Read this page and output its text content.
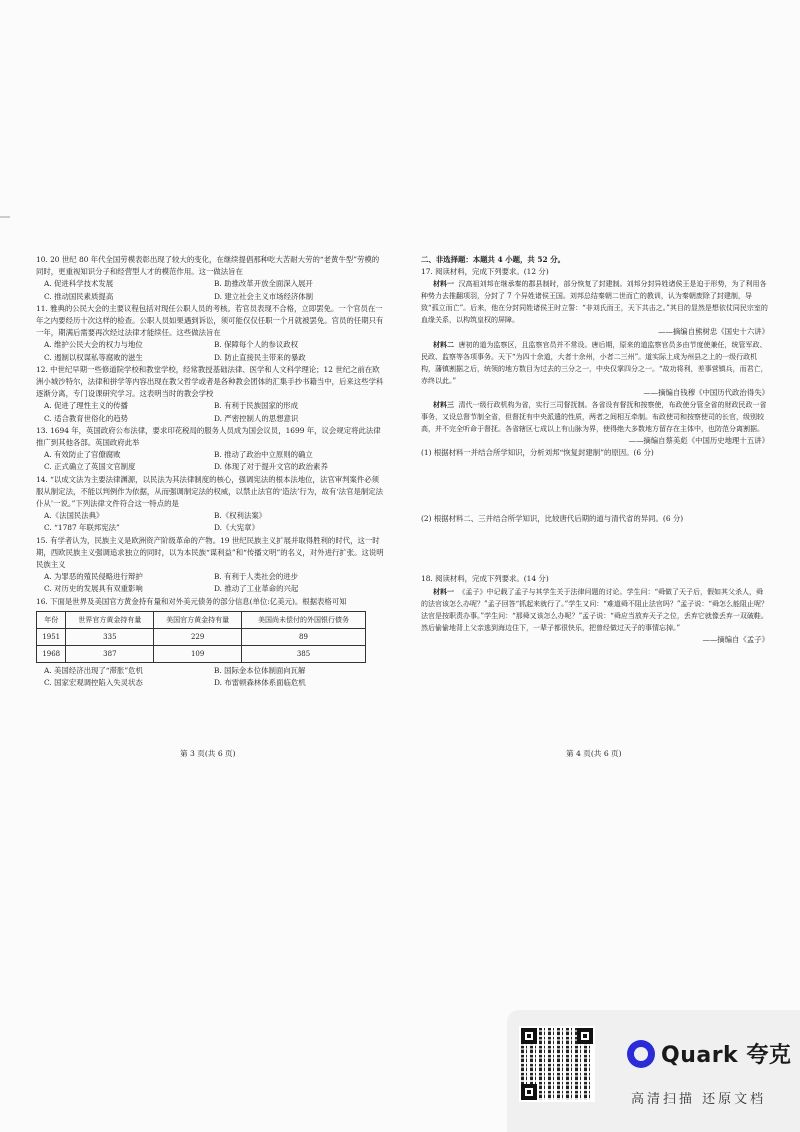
10. 20 世纪 80 年代全国劳模表彰出现了较大的变化，在继续提倡那种吃大苦耐大劳的“老黄牛型”劳模的同时，更重视知识分子和经营型人才的模范作用。这一做法旨在

A. 促进科学技术发展	B. 助推改革开放全面深入展开
C. 推动国民素质提高	D. 建立社会主义市场经济体制

11. 雅典的公民大会的主要议程包括对现任公职人员的考核。若官员表现不合格，立即罢免。一个官员在一年之内要经历十次这样的检查。公职人员如果遇到诉讼，须可能仅仅任职一个月就被罢免。官员的任期只有一年，期满后需要再次经过法律才能续任。这些做法旨在

A. 维护公民大会的权力与地位	B. 保障每个人的参议政权
C. 遏制以权谋私等腐败的滋生	D. 防止直接民主带来的暴政

12. 中世纪早期一些修道院学校和教堂学校，经常教授基础法律、医学和人文科学理论；12 世纪之前在欧洲小城沙特尔，法律和拼学等内容出现在教父哲学或者是各种教会团体的汇集手抄书籍当中，后来这些学科逐渐分离，专门设课研究学习。这表明当时的教会学校

A. 促进了理性主义的传播	B. 有利于民族国家的形成
C. 适合教育世俗化的趋势	D. 严密控制人的思想意识

13. 1694 年，英国政府公布法律，要求印花税局的服务人员成为国会议员，1699 年，议会规定将此法律推广到其他各部。英国政府此举

A. 有效防止了官僚腐败	B. 推动了政治中立原则的确立
C. 正式确立了英国文官制度	D. 体现了对于提升文官的政治素养

14. “以成文法为主要法律渊源，以民法为其法律制度的核心，强调宪法的根本法地位，法官审判案件必须服从制定法，不能以判例作为依据，从而强调制定法的权威，以禁止法官的‘造法’行为，故有‘法官是制定法仆从’一说。”下列法律文件符合这一特点的是

A.《法国民法典》	B.《权利法案》
C. “1787 年联邦宪法”	D.《大宪章》

15. 有学者认为，民族主义是欧洲资产阶级革命的产物。19 世纪民族主义扩展并取得胜利的时代，这一时期，西欧民族主义强调追求独立的同时，以为本民族“谋利益”和“传播文明”的名义，对外进行扩张。这说明民族主义

A. 为罪恶的殖民侵略进行辩护	B. 有利于人类社会的进步
C. 对历史的发展具有双重影响	D. 推动了工业革命的兴起

16. 下面是世界及美国官方黄金持有量和对外美元债务的部分信息(单位:亿美元)。根据表格可知

年份	世界官方黄金持有量	美国官方黄金持有量	美国尚未偿付的外国银行债务
1951	335	229	89
1968	387	109	385
A. 美国经济出现了“滞胀”危机	B. 国际金本位体制面向瓦解
C. 国家宏观调控陷入失灵状态	D. 布雷顿森林体系面临危机
第 3 页(共 6 页)

二、非选择题：本题共 4 小题，共 52 分。

17. 阅读材料，完成下列要求。(12 分)

材料一 汉高祖刘邦在继承秦的郡县制时，部分恢复了封建制。刘邦分封异姓诸侯王是迫于形势，为了利用各种势力去推翻项羽，分封了 7 个异姓诸侯王国。刘邦总结秦朝二世而亡的教训，认为秦朝废除了封建制，导致“孤立而亡”。后来，他在分封同姓诸侯王时立誓：“非刘氏而王，天下共击之。”其目的显然是想依仗同民宗室的血缘关系，以构筑皇权的屏障。

——摘编自熊树忠《国史十六讲》

材料二 唐初的道为监察区，且监察官员并不常设。唐后期，原来的道监察官员多由节度使兼任，统管军政、民政、监察等各项事务。天下“为四十余道，大者十余州，小者二三州”。道实际上成为州县之上的一级行政机构，藩镇割据之后，统领的地方数目为过去的三分之一，中央仅掌四分之一。“故功将利，差事营镇兵，而君亡，赤终以此。”

——摘编自钱穆《中国历代政治得失》

材料三 清代一级行政机构为省，实行三司督抚制。各省设有督抚和按察使，布政使分管全省的财政民政一省事务，又设总督节制全省，但督抚有中央派遣的性质，两者之间相互牵制。布政使司和按察使司的长官，级别较高，并不完全听命于督抚。各省辖区七成以上有山脉为界，使得绝大多数地方留存在主体中，也防范分离割据。

——摘编自蔡美彪《中国历史地理十五讲》

(1) 根据材料一并结合所学知识，分析刘邦“恢复封建制”的原因。(6 分)

(2) 根据材料二、三并结合所学知识，比较唐代后期的道与清代省的异同。(6 分)

18. 阅读材料，完成下列要求。(14 分)

材料一 《孟子》中记载了孟子与其学生关于法律问题的讨论。学生问：“舜做了天子后，假如其父杀人，舜的法官该怎么办呢？”孟子回答“抓起来就行了。”学生又问：“难道舜不阻止法官吗？”孟子说：“舜怎么能阻止呢？法官是按职责办事。”学生问：“那舜又该怎么办呢？”孟子说：“舜应当放弃天子之位，丢弃它就像丢弃一双破鞋。然后偷偷地背上父亲逃到海边住下，一辈子都很快乐，把曾经做过天子的事情忘掉。”

——摘编自《孟子》

第 4 页(共 6 页)
Quark 夸克
高清扫描 还原文档
